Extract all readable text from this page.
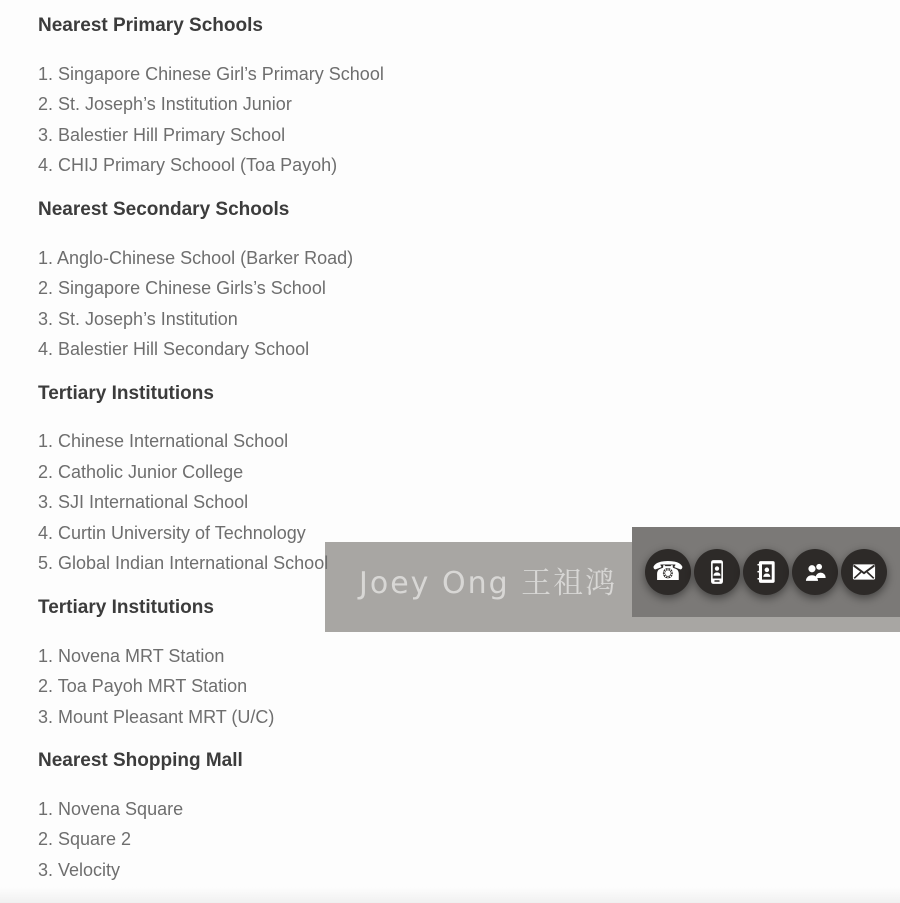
Nearest Primary Schools

1. Singapore Chinese Girl’s Primary School

2. St. Joseph’s Institution Junior

3. Balestier Hill Primary School

4. CHIJ Primary Schoool (Toa Payoh)

Nearest Secondary Schools

1. Anglo-Chinese School (Barker Road)

2. Singapore Chinese Girls’s School

3. St. Joseph’s Institution

4. Balestier Hill Secondary School

Tertiary Institutions

1. Chinese International School

2. Catholic Junior College

3. SJI International School

4. Curtin University of Technology

5. Global Indian International School

Tertiary Institutions

1. Novena MRT Station

2. Toa Payoh MRT Station

3. Mount Pleasant MRT (U/C)

Nearest Shopping Mall

1. Novena Square

2. Square 2

3. Velocity

Joey Ong 王祖鸿 ☎
